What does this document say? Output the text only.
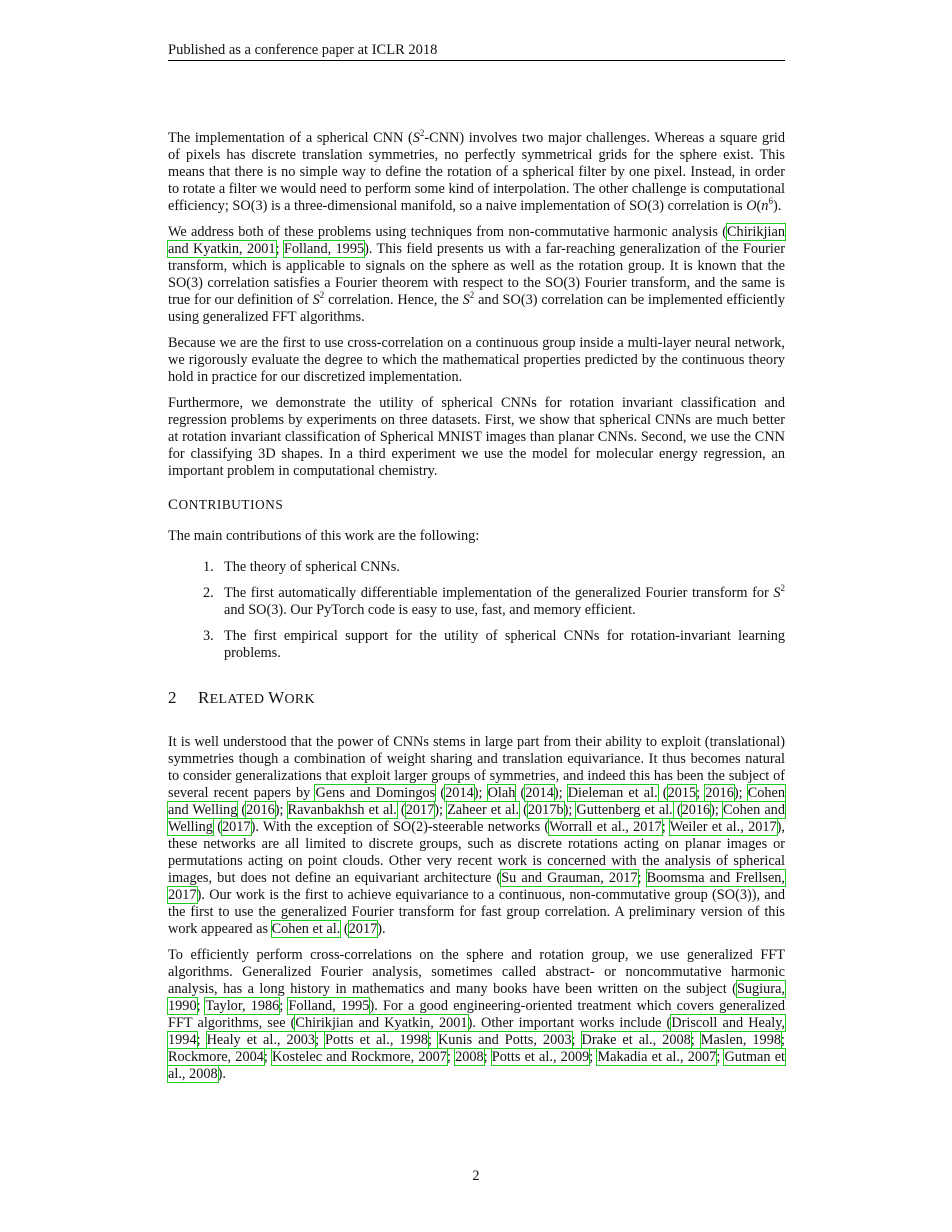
Published as a conference paper at ICLR 2018

The implementation of a spherical CNN $(S^2-CNN)$ involves two major challenges. Whereas a square grid of pixels has discrete translation symmetries, no perfectly symmetrical grids for the sphere exist. This means that there is no simple way to define the rotation of a spherical filter by one pixel. Instead, in order to rotate a filter we would need to perform some kind of interpolation. The other challenge is computational efficiency; SO(3) is a three-dimensional manifold, so a naive implementation of SO(3) correlation is $O(n^6)$.

We address both of these problems using techniques from non-commutative harmonic analysis (Chirikjian and Kyatkin, 2001; Folland, 1995). This field presents us with a far-reaching generalization of the Fourier transform, which is applicable to signals on the sphere as well as the rotation group. It is known that the SO(3) correlation satisfies a Fourier theorem with respect to the SO(3) Fourier transform, and the same is true for our definition of $S^2$ correlation. Hence, the $S^2$ and SO(3) correlation can be implemented efficiently using generalized FFT algorithms.

Because we are the first to use cross-correlation on a continuous group inside a multi-layer neural network, we rigorously evaluate the degree to which the mathematical properties predicted by the continuous theory hold in practice for our discretized implementation.

Furthermore, we demonstrate the utility of spherical CNNs for rotation invariant classification and regression problems by experiments on three datasets. First, we show that spherical CNNs are much better at rotation invariant classification of Spherical MNIST images than planar CNNs. Second, we use the CNN for classifying 3D shapes. In a third experiment we use the model for molecular energy regression, an important problem in computational chemistry.

CONTRIBUTIONS

The main contributions of this work are the following:

1. The theory of spherical CNNs.
2. The first automatically differentiable implementation of the generalized Fourier transform for $S^2$ and SO(3). Our PyTorch code is easy to use, fast, and memory efficient.
3. The first empirical support for the utility of spherical CNNs for rotation-invariant learning problems.
2 RELATED WORK

It is well understood that the power of CNNs stems in large part from their ability to exploit (translational) symmetries though a combination of weight sharing and translation equivariance. It thus becomes natural to consider generalizations that exploit larger groups of symmetries, and indeed this has been the subject of several recent papers by Gens and Domingos (2014); Olah (2014); Dieleman et al. (2015; 2016); Cohen and Welling (2016); Ravanbakhsh et al. (2017); Zaheer et al. (2017b); Guttenberg et al. (2016); Cohen and Welling (2017). With the exception of SO(2)-steerable networks (Worrall et al., 2017; Weiler et al., 2017), these networks are all limited to discrete groups, such as discrete rotations acting on planar images or permutations acting on point clouds. Other very recent work is concerned with the analysis of spherical images, but does not define an equivariant architecture (Su and Grauman, 2017; Boomsma and Frellsen, 2017). Our work is the first to achieve equivariance to a continuous, non-commutative group (SO(3)), and the first to use the generalized Fourier transform for fast group correlation. A preliminary version of this work appeared as Cohen et al. (2017).

To efficiently perform cross-correlations on the sphere and rotation group, we use generalized FFT algorithms. Generalized Fourier analysis, sometimes called abstract- or noncommutative harmonic analysis, has a long history in mathematics and many books have been written on the subject (Sugiura, 1990; Taylor, 1986; Folland, 1995). For a good engineering-oriented treatment which covers generalized FFT algorithms, see (Chirikjian and Kyatkin, 2001). Other important works include (Driscoll and Healy, 1994; Healy et al., 2003; Potts et al., 1998; Kunis and Potts, 2003; Drake et al., 2008; Maslen, 1998; Rockmore, 2004; Kostelec and Rockmore, 2007; 2008; Potts et al., 2009; Makadia et al., 2007; Gutman et al., 2008).

2
